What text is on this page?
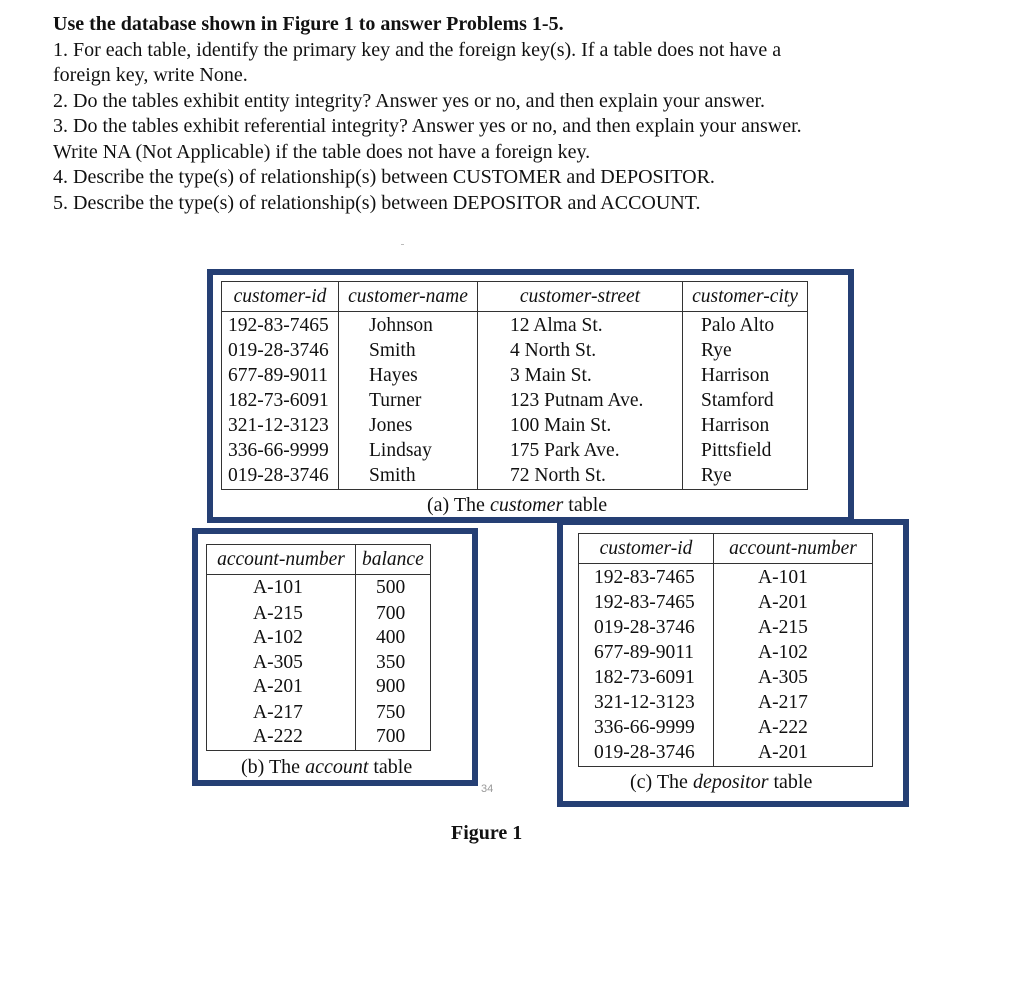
Use the database shown in Figure 1 to answer Problems 1-5.

1. For each table, identify the primary key and the foreign key(s). If a table does not have a

foreign key, write None.

2. Do the tables exhibit entity integrity? Answer yes or no, and then explain your answer.

3. Do the tables exhibit referential integrity? Answer yes or no, and then explain your answer.

Write NA (Not Applicable) if the table does not have a foreign key.

4. Describe the type(s) of relationship(s) between CUSTOMER and DEPOSITOR.

5. Describe the type(s) of relationship(s) between DEPOSITOR and ACCOUNT.

customer-id	customer-name	customer-street	customer-city
192-83-7465	Johnson	12 Alma St.	Palo Alto
019-28-3746	Smith	4 North St.	Rye
677-89-9011	Hayes	3 Main St.	Harrison
182-73-6091	Turner	123 Putnam Ave.	Stamford
321-12-3123	Jones	100 Main St.	Harrison
336-66-9999	Lindsay	175 Park Ave.	Pittsfield
019-28-3746	Smith	72 North St.	Rye
(a) The customer table
customer-id	account-number
192-83-7465	A-101
192-83-7465	A-201
019-28-3746	A-215
677-89-9011	A-102
182-73-6091	A-305
321-12-3123	A-217
336-66-9999	A-222
019-28-3746	A-201
(c) The depositor table
account-number	balance
A-101	500
A-215	700
A-102	400
A-305	350
A-201	900
A-217	750
A-222	700
(b) The account table
34
Figure 1
